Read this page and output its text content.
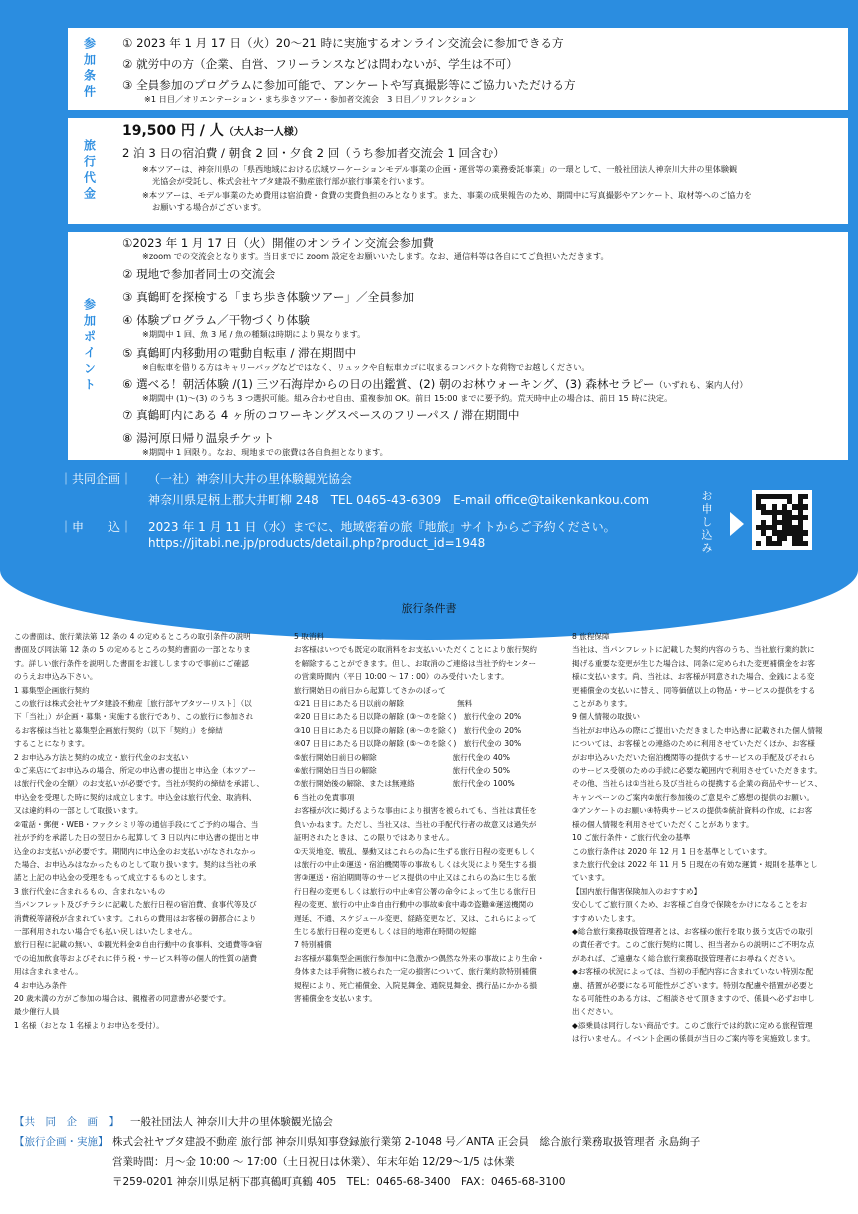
参加条件	① 2023 年 1 月 17 日（火）20～21 時に実施するオンライン交流会に参加できる方
② 就労中の方（企業、自営、フリーランスなどは問わないが、学生は不可）
③ 全員参加のプログラムに参加可能で、アンケートや写真撮影等にご協力いただける方
※1 日目／オリエンテーション・まち歩きツアー・参加者交流会　3 日目／リフレクション
旅行代金
19,500 円 / 人（大人お一人様）
2 泊 3 日の宿泊費 / 朝食 2 回・夕食 2 回（うち参加者交流会 1 回含む）
※本ツアーは、神奈川県の「県西地域における広域ワーケーションモデル事業の企画・運営等の業務委託事業」の一環として、一般社団法人神奈川大井の里体験観
光協会が受託し、株式会社ヤブタ建設不動産旅行部が旅行事業を行います。
※本ツアーは、モデル事業のため費用は宿泊費・食費の実費負担のみとなります。また、事業の成果報告のため、期間中に写真撮影やアンケート、取材等へのご協力を
お願いする場合がございます。
参加ポイント
①2023 年 1 月 17 日（火）開催のオンライン交流会参加費
※zoom での交流会となります。当日までに zoom 設定をお願いいたします。なお、通信料等は各自にてご負担いただきます。
② 現地で参加者同士の交流会
③ 真鶴町を探検する「まち歩き体験ツアー」／全員参加
④ 体験プログラム／干物づくり体験
※期間中 1 回、魚 3 尾 / 魚の種類は時期により異なります。
⑤ 真鶴町内移動用の電動自転車 / 滞在期間中
※自転車を借りる方はキャリーバッグなどではなく、リュックや自転車カゴに収まるコンパクトな荷物でお越しください。
⑥ 選べる！朝活体験 /(1) 三ツ石海岸からの日の出鑑賞、(2) 朝のお林ウォーキング、(3) 森林セラピー（いずれも、案内人付）
※期間中 (1)～(3) のうち 3 つ選択可能。組み合わせ自由、重複参加 OK。前日 15:00 までに要予約。荒天時中止の場合は、前日 15 時に決定。
⑦ 真鶴町内にある 4 ヶ所のコワーキングスペースのフリーパス / 滞在期間中
⑧ 湯河原日帰り温泉チケット
※期間中 1 回限り。なお、現地までの旅費は各自負担となります。
｜共同企画｜ （一社）神奈川大井の里体験観光協会
神奈川県足柄上郡大井町柳 248　TEL 0465-43-6309　E-mail office@taikenkankou.com
｜申　　込｜ 2023 年 1 月 11 日（水）までに、地域密着の旅『地旅』サイトからご予約ください。
https://jitabi.ne.jp/products/detail.php?product_id=1948	お申し込み
旅行条件書

この書面は、旅行業法第 12 条の 4 の定めるところの取引条件の説明

書面及び同法第 12 条の 5 の定めるところの契約書面の一部となりま

す。詳しい旅行条件を説明した書面をお渡ししますので事前にご確認

のうえお申込み下さい。

1 募集型企画旅行契約

この旅行は株式会社ヤブタ建設不動産［旅行部ヤブタツーリスト］（以

下「当社」）が企画・募集・実施する旅行であり、この旅行に参加され

るお客様は当社と募集型企画旅行契約（以下「契約」）を締結

することになります。

2 お申込み方法と契約の成立・旅行代金のお支払い

①ご来店にてお申込みの場合、所定の申込書の提出と申込金（本ツアー

は旅行代金の全額）のお支払いが必要です。当社が契約の締結を承諾し、

申込金を受理した時に契約は成立します。申込金は旅行代金、取消料、

又は違約料の一部として取扱います。

②電話・郵便・WEB・ファクシミリ等の通信手段にてご予約の場合、当

社が予約を承諾した日の翌日から起算して 3 日以内に申込書の提出と申

込金のお支払いが必要です。期間内に申込金のお支払いがなされなかっ

た場合、お申込みはなかったものとして取り扱います。契約は当社の承

諾と上記の申込金の受理をもって成立するものとします。

3 旅行代金に含まれるもの、含まれないもの

当パンフレット及びチラシに記載した旅行日程の宿泊費、食事代等及び

消費税等諸税が含まれています。これらの費用はお客様の御都合により

一部利用されない場合でも払い戻しはいたしません。

旅行日程に記載の無い、①観光料金②自由行動中の食事料、交通費等③宿

での追加飲食等およびそれに伴う税・サービス料等の個人的性質の諸費

用は含まれません。

4 お申込み条件

20 歳未満の方がご参加の場合は、親権者の同意書が必要です。

最少催行人員

1 名様（おとな 1 名様よりお申込を受付）。

5 取消料

お客様はいつでも既定の取消料をお支払いいただくことにより旅行契約

を解除することができます。但し、お取消のご連絡は当社予約センター

の営業時間内（平日 10:00 ～ 17 : 00）のみ受付いたします。

旅行開始日の前日から起算してさかのぼって

①21 日目にあたる日以前の解除　　　　　　　無料

②20 日目にあたる日以降の解除 (③～⑦を除く)　旅行代金の 20%

③10 日目にあたる日以降の解除 (④～⑦を除く)　旅行代金の 20%

④07 日目にあたる日以降の解除 (⑤～⑦を除く)　旅行代金の 30%

⑤旅行開始日前日の解除　　　　　　　　　　旅行代金の 40%

⑥旅行開始日当日の解除　　　　　　　　　　旅行代金の 50%

⑦旅行開始後の解除、または無連絡　　　　　旅行代金の 100%

6 当社の免責事項

お客様が次に掲げるような事由により損害を被られても、当社は責任を

負いかねます。ただし、当社又は、当社の手配代行者の故意又は過失が

証明されたときは、この限りではありません。

①天災地変、戦乱、暴動又はこれらの為に生ずる旅行日程の変更もしく

は旅行の中止②運送・宿泊機関等の事故もしくは火災により発生する損

害③運送・宿泊期間等のサービス提供の中止又はこれらの為に生じる旅

行日程の変更もしくは旅行の中止④官公署の命令によって生じる旅行日

程の変更、旅行の中止⑤自由行動中の事故⑥食中毒⑦盗難⑧運送機関の

遅延、不通、スケジュール変更、経路変更など、又は、これらによって

生じる旅行日程の変更もしくは目的地滞在時間の短縮

7 特別補償

お客様が募集型企画旅行参加中に急激かつ偶然な外来の事故により生命・

身体または手荷物に被られた一定の損害について、旅行業約款特別補償

規程により、死亡補償金、入院見舞金、通院見舞金、携行品にかかる損

害補償金を支払います。

8 旅程保障

当社は、当パンフレットに記載した契約内容のうち、当社旅行業約款に

掲げる重要な変更が生じた場合は、同条に定められた変更補償金をお客

様に支払います。尚、当社は、お客様が同意された場合、金銭による変

更補償金の支払いに替え、同等価値以上の物品・サービスの提供をする

ことがあります。

9 個人情報の取扱い

当社がお申込みの際にご提出いただきました申込書に記載された個人情報

については、お客様との連絡のために利用させていただくほか、お客様

がお申込みいただいた宿泊機関等の提供するサービスの手配及びそれら

のサービス受領のための手続に必要な範囲内で利用させていただきます。

その他、当社らは①当社ら及び当社らの提携する企業の商品やサービス、

キャンペーンのご案内②旅行参加後のご意見やご感想の提供のお願い。

③アンケートのお願い④特典サービスの提供⑤統計資料の作成、にお客

様の個人情報を利用させていただくことがあります。

10 ご旅行条件・ご旅行代金の基準

この旅行条件は 2020 年 12 月 1 日を基準としています。

また旅行代金は 2022 年 11 月 5 日現在の有効な運賃・規則を基準とし

ています。

【国内旅行傷害保険加入のおすすめ】

安心してご旅行頂くため、お客様ご自身で保険をかけになることをお

すすめいたします。

◆総合旅行業務取扱管理者とは、お客様の旅行を取り扱う支店での取引

の責任者です。このご旅行契約に関し、担当者からの説明にご不明な点

があれば、ご遠慮なく総合旅行業務取扱管理者にお尋ねください。

◆お客様の状況によっては、当初の手配内容に含まれていない特別な配

慮、措置が必要になる可能性がございます。特別な配慮や措置が必要と

なる可能性のある方は、ご相談させて頂きますので、係員へ必ずお申し

出ください。

◆添乗員は同行しない商品です。このご旅行では約款に定める旅程管理

は行いません。イベント企画の係員が当日のご案内等を実施致します。

【共　同　企　画　】 一般社団法人 神奈川大井の里体験観光協会
【旅行企画・実施】 株式会社ヤブタ建設不動産 旅行部 神奈川県知事登録旅行業第 2-1048 号／ANTA 正会員　総合旅行業務取扱管理者 永島絢子
営業時間：月～金 10:00 ～ 17:00（土日祝日は休業）、年末年始 12/29～1/5 は休業
〒259-0201 神奈川県足柄下郡真鶴町真鶴 405　TEL：0465-68-3400　FAX：0465-68-3100
